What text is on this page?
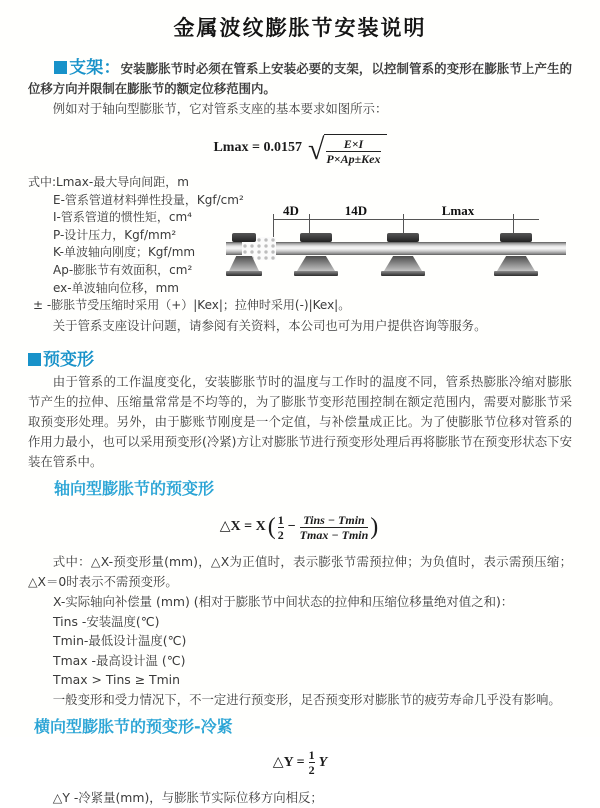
金属波纹膨胀节安装说明

支架：安装膨胀节时必须在管系上安装必要的支架，以控制管系的变形在膨胀节上产生的位移方向并限制在膨胀节的额定位移范围内。

例如对于轴向型膨胀节，它对管系支座的基本要求如图所示：

Lmax = 0.0157 √ $\frac{E\times I}{\text{P×Ap±Kex}}$
式中:Lmax-最大导向间距，m
E-管系管道材料弹性投量，Kgf/cm²
I-管系管道的惯性矩，cm⁴
P-设计压力，Kgf/mm²
K-单波轴向刚度；Kgf/mm
Ap-膨胀节有效面积，cm²
ex-单波轴向位移，mm
± -膨胀节受压缩时采用（+）|Kex|；拉伸时采用(-)|Kex|。
4D	14D	Lmax

关于管系支座设计问题，请参阅有关资料，本公司也可为用户提供咨询等服务。

预变形

由于管系的工作温度变化，安装膨胀节时的温度与工作时的温度不同，管系热膨胀冷缩对膨胀节产生的拉伸、压缩量常常是不均等的，为了膨胀节变形范围控制在额定范围内，需要对膨胀节采取预变形处理。另外，由于膨账节刚度是一个定值，与补偿量成正比。为了使膨胀节位移对管系的作用力最小，也可以采用预变形(冷紧)方让对膨胀节进行预变形处理后再将膨胀节在预变形状态下安装在管系中。

轴向型膨胀节的预变形
△X = X ( $\frac{1}{2} - \frac{\text{Tins − Tmin}}{Tmax - Tmin}$ )

式中：△X-预变形量(mm)，△X为正值时，表示膨张节需预拉伸；为负值时，表示需预压缩；△X＝0时表示不需预变形。

X-实际轴向补偿量 (mm) (相对于膨胀节中间状态的拉伸和压缩位移量绝对值之和)：
Tins -安装温度(℃)
Tmin-最低设计温度(℃)
Tmax -最高设计温 (℃)
Tmax > Tins ≥ Tmin

一般变形和受力情况下，不一定进行预变形，足否预变形对膨胀节的疲劳寿命几乎没有影响。

横向型膨胀节的预变形-冷紧
△Y = $\frac{1}{2}$ Y

△Y -冷紧量(mm)，与膨胀节实际位移方向相反；
